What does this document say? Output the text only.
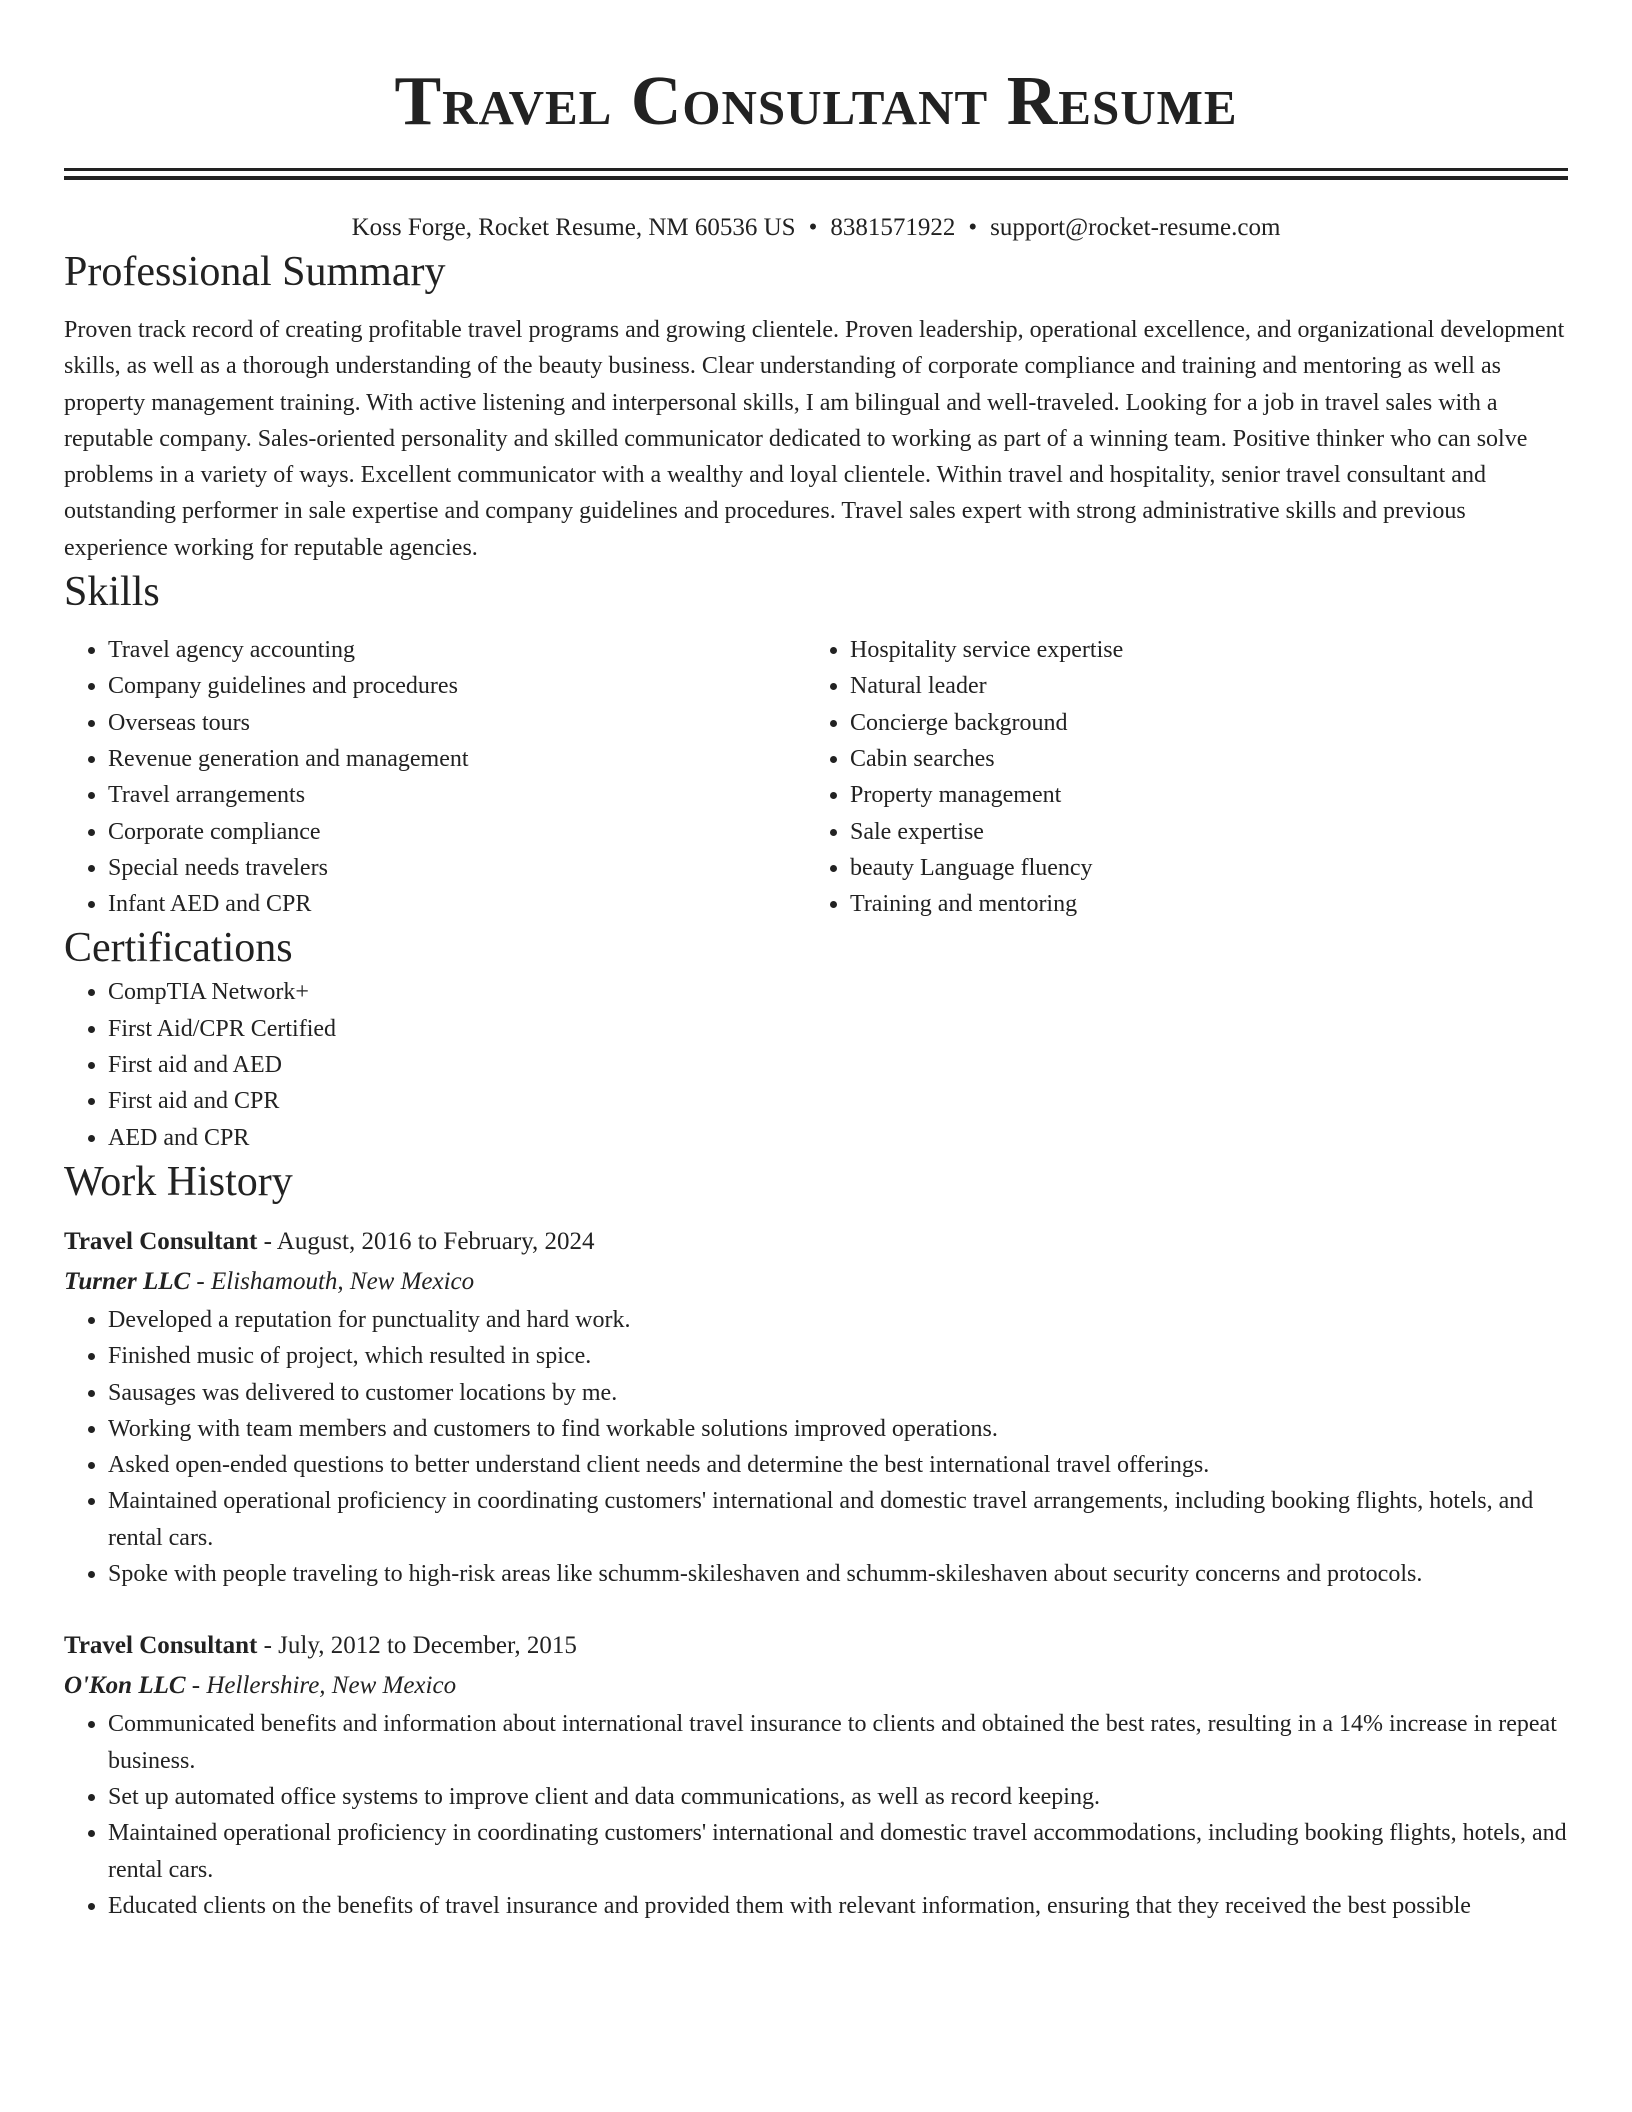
Travel Consultant Resume
Koss Forge, Rocket Resume, NM 60536 US • 8381571922 • support@rocket-resume.com
Professional Summary

Proven track record of creating profitable travel programs and growing clientele. Proven leadership, operational excellence, and organizational development skills, as well as a thorough understanding of the beauty business. Clear understanding of corporate compliance and training and mentoring as well as property management training. With active listening and interpersonal skills, I am bilingual and well-traveled. Looking for a job in travel sales with a reputable company. Sales-oriented personality and skilled communicator dedicated to working as part of a winning team. Positive thinker who can solve problems in a variety of ways. Excellent communicator with a wealthy and loyal clientele. Within travel and hospitality, senior travel consultant and outstanding performer in sale expertise and company guidelines and procedures. Travel sales expert with strong administrative skills and previous experience working for reputable agencies.

Skills
• Travel agency accounting
• Company guidelines and procedures
• Overseas tours
• Revenue generation and management
• Travel arrangements
• Corporate compliance
• Special needs travelers
• Infant AED and CPR
• Hospitality service expertise
• Natural leader
• Concierge background
• Cabin searches
• Property management
• Sale expertise
• beauty Language fluency
• Training and mentoring
Certifications
• CompTIA Network+
• First Aid/CPR Certified
• First aid and AED
• First aid and CPR
• AED and CPR
Work History
Travel Consultant - August, 2016 to February, 2024
Turner LLC - Elishamouth, New Mexico
• Developed a reputation for punctuality and hard work.
• Finished music of project, which resulted in spice.
• Sausages was delivered to customer locations by me.
• Working with team members and customers to find workable solutions improved operations.
• Asked open-ended questions to better understand client needs and determine the best international travel offerings.
• Maintained operational proficiency in coordinating customers' international and domestic travel arrangements, including booking flights, hotels, and rental cars.
• Spoke with people traveling to high-risk areas like schumm-skileshaven and schumm-skileshaven about security concerns and protocols.
Travel Consultant - July, 2012 to December, 2015
O'Kon LLC - Hellershire, New Mexico
• Communicated benefits and information about international travel insurance to clients and obtained the best rates, resulting in a 14% increase in repeat business.
• Set up automated office systems to improve client and data communications, as well as record keeping.
• Maintained operational proficiency in coordinating customers' international and domestic travel accommodations, including booking flights, hotels, and rental cars.
• Educated clients on the benefits of travel insurance and provided them with relevant information, ensuring that they received the best possible
